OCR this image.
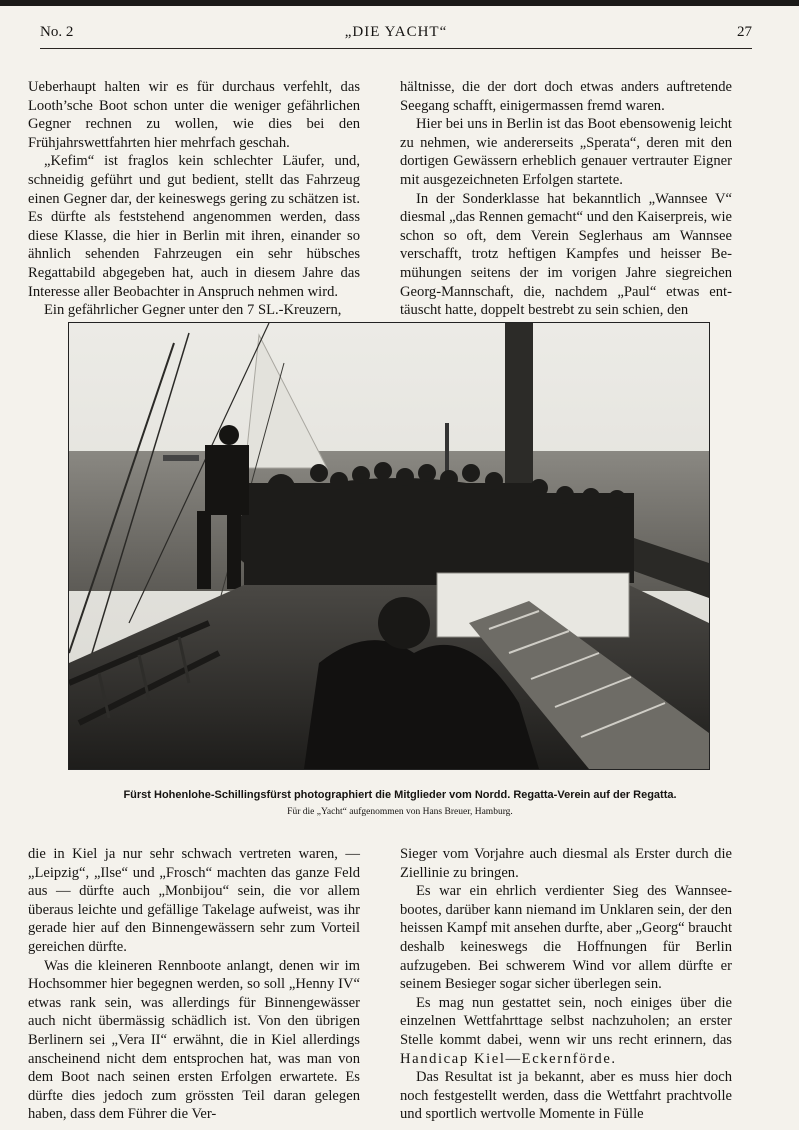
No. 2	„DIE YACHT“	27

Ueberhaupt halten wir es für durchaus verfehlt, das Looth’sche Boot schon unter die weniger gefährlichen Gegner rechnen zu wollen, wie dies bei den Frühjahrswettfahrten hier mehrfach geschah.

„Kefim“ ist fraglos kein schlechter Läufer, und, schneidig geführt und gut bedient, stellt das Fahrzeug einen Gegner dar, der keineswegs gering zu schätzen ist. Es dürfte als feststehend angenommen werden, dass diese Klasse, die hier in Berlin mit ihren, einander so ähnlich sehenden Fahrzeugen ein sehr hübsches Regattabild abgegeben hat, auch in diesem Jahre das Interesse aller Beobachter in Anspruch nehmen wird.

Ein gefährlicher Gegner unter den 7 SL.-Kreuzern,

hältnisse, die der dort doch etwas anders auftretende Seegang schafft, einigermassen fremd waren.

Hier bei uns in Berlin ist das Boot ebensowenig leicht zu nehmen, wie andererseits „Sperata“, deren mit den dortigen Gewässern erheblich genauer vertrauter Eigner mit ausgezeichneten Erfolgen startete.

In der Sonderklasse hat bekanntlich „Wannsee V“ diesmal „das Rennen gemacht“ und den Kaiserpreis, wie schon so oft, dem Verein Seglerhaus am Wannsee verschafft, trotz heftigen Kampfes und heisser Bemühungen seitens der im vorigen Jahre siegreichen Georg-Mannschaft, die, nachdem „Paul“ etwas enttäuscht hatte, doppelt bestrebt zu sein schien, den

Fürst Hohenlohe-Schillingsfürst photographiert die Mitglieder vom Nordd. Regatta-Verein auf der Regatta.
Für die „Yacht“ aufgenommen von Hans Breuer, Hamburg.

die in Kiel ja nur sehr schwach vertreten waren, — „Leipzig“, „Ilse“ und „Frosch“ machten das ganze Feld aus — dürfte auch „Monbijou“ sein, die vor allem überaus leichte und gefällige Takelage aufweist, was ihr gerade hier auf den Binnengewässern sehr zum Vorteil gereichen dürfte.

Was die kleineren Rennboote anlangt, denen wir im Hochsommer hier begegnen werden, so soll „Henny IV“ etwas rank sein, was allerdings für Binnengewässer auch nicht übermässig schädlich ist. Von den übrigen Berlinern sei „Vera II“ erwähnt, die in Kiel allerdings anscheinend nicht dem entsprochen hat, was man von dem Boot nach seinen ersten Erfolgen erwartete. Es dürfte dies jedoch zum grössten Teil daran gelegen haben, dass dem Führer die Ver-

Sieger vom Vorjahre auch diesmal als Erster durch die Ziellinie zu bringen.

Es war ein ehrlich verdienter Sieg des Wannseebootes, darüber kann niemand im Unklaren sein, der den heissen Kampf mit ansehen durfte, aber „Georg“ braucht deshalb keineswegs die Hoffnungen für Berlin aufzugeben. Bei schwerem Wind vor allem dürfte er seinem Besieger sogar sicher überlegen sein.

Es mag nun gestattet sein, noch einiges über die einzelnen Wettfahrttage selbst nachzuholen; an erster Stelle kommt dabei, wenn wir uns recht erinnern, das Handicap Kiel—Eckernförde.

Das Resultat ist ja bekannt, aber es muss hier doch noch festgestellt werden, dass die Wettfahrt prachtvolle und sportlich wertvolle Momente in Fülle
